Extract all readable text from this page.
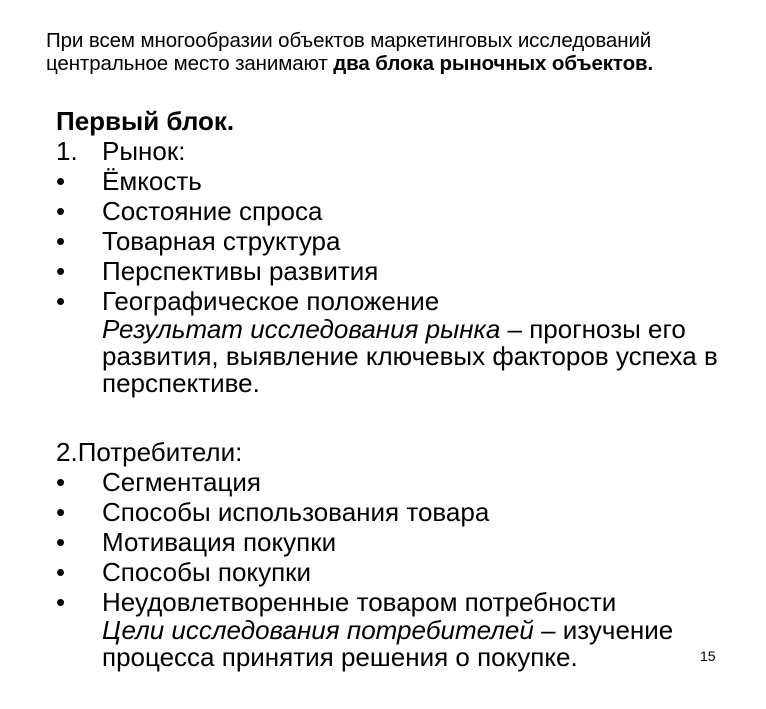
При всем многообразии объектов маркетинговых исследований центральное место занимают два блока рыночных объектов.
Первый блок.
1. Рынок:
•	Ёмкость
•	Состояние спроса
•	Товарная структура
•	Перспективы развития
•	Географическое положение
Результат исследования рынка – прогнозы его развития, выявление ключевых факторов успеха в перспективе.
2.Потребители:
•	Сегментация
•	Способы использования товара
•	Мотивация покупки
•	Способы покупки
•	Неудовлетворенные товаром потребности
Цели исследования потребителей – изучение процесса принятия решения о покупке.	15
